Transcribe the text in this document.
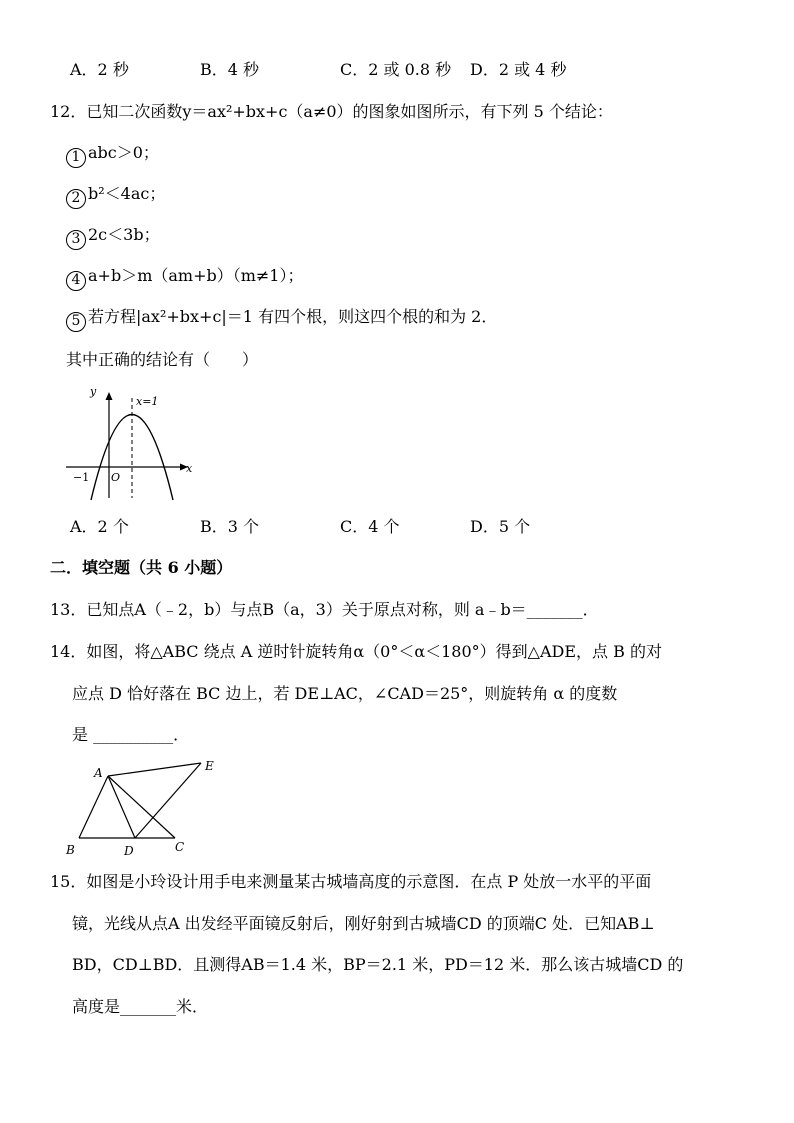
A．2 秒	B．4 秒	C．2 或 0.8 秒 D．2 或 4 秒
12．已知二次函数y＝ax²+bx+c（a≠0）的图象如图所示，有下列 5 个结论：
1 abc＞0；
2 b²＜4ac；
3 2c＜3b；
4 a+b＞m（am+b）（m≠1）；
5 若方程|ax²+bx+c|＝1 有四个根，则这四个根的和为 2．
其中正确的结论有（　　）
y
x
x=1
−1 O
A．2 个	B．3 个	C．4 个	D．5 个
二．填空题（共 6 小题）
13．已知点A（﹣2，b）与点B（a，3）关于原点对称，则 a﹣b＝_______．
14．如图，将△ABC 绕点 A 逆时针旋转角α（0°＜α＜180°）得到△ADE，点 B 的对
应点 D 恰好落在 BC 边上，若 DE⊥AC，∠CAD＝25°，则旋转角 α 的度数
是 __________．
A	E
B	D	C
15．如图是小玲设计用手电来测量某古城墙高度的示意图．在点 P 处放一水平的平面
镜，光线从点A 出发经平面镜反射后，刚好射到古城墙CD 的顶端C 处．已知AB⊥
BD，CD⊥BD．且测得AB＝1.4 米，BP＝2.1 米，PD＝12 米．那么该古城墙CD 的
高度是_______米．
